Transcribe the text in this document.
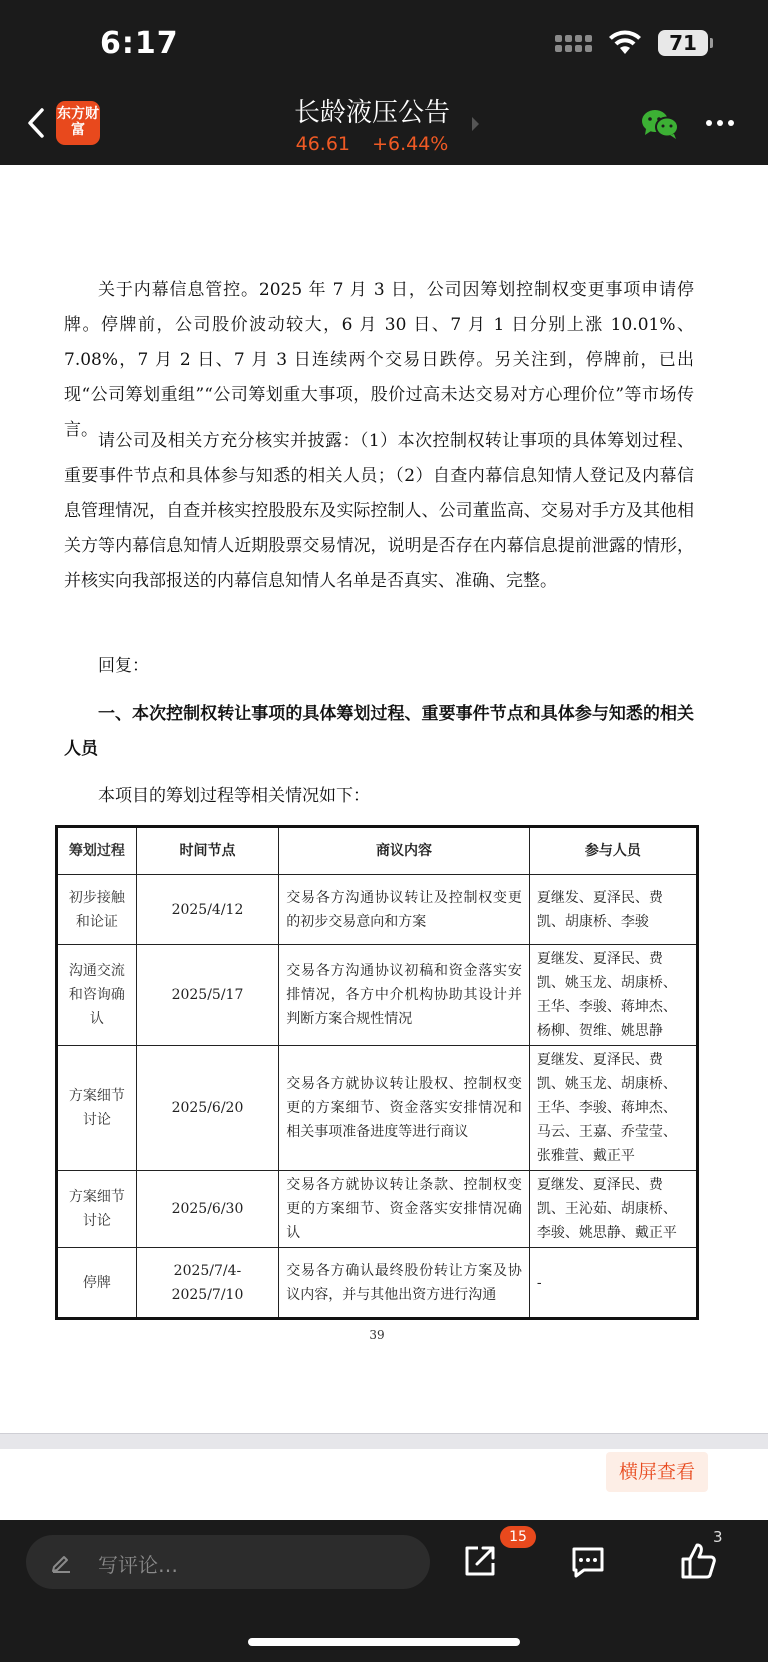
6:17	71
东方财富
长龄液压公告
46.61 +6.44%

关于内幕信息管控。2025 年 7 月 3 日，公司因筹划控制权变更事项申请停牌。停牌前，公司股价波动较大，6 月 30 日、7 月 1 日分别上涨 10.01%、7.08%，7 月 2 日、7 月 3 日连续两个交易日跌停。另关注到，停牌前，已出现“公司筹划重组”“公司筹划重大事项，股价过高未达交易对方心理价位”等市场传言。

请公司及相关方充分核实并披露：（1）本次控制权转让事项的具体筹划过程、重要事件节点和具体参与知悉的相关人员；（2）自查内幕信息知情人登记及内幕信息管理情况，自查并核实控股股东及实际控制人、公司董监高、交易对手方及其他相关方等内幕信息知情人近期股票交易情况，说明是否存在内幕信息提前泄露的情形，并核实向我部报送的内幕信息知情人名单是否真实、准确、完整。

回复：

一、本次控制权转让事项的具体筹划过程、重要事件节点和具体参与知悉的相关人员

本项目的筹划过程等相关情况如下：

筹划过程	时间节点	商议内容	参与人员
初步接触和论证	2025/4/12	交易各方沟通协议转让及控制权变更的初步交易意向和方案	夏继发、夏泽民、费凯、胡康桥、李骏
沟通交流和咨询确认	2025/5/17	交易各方沟通协议初稿和资金落实安排情况，各方中介机构协助其设计并判断方案合规性情况	夏继发、夏泽民、费凯、姚玉龙、胡康桥、王华、李骏、蒋坤杰、杨柳、贺维、姚思静
方案细节讨论	2025/6/20	交易各方就协议转让股权、控制权变更的方案细节、资金落实安排情况和相关事项准备进度等进行商议	夏继发、夏泽民、费凯、姚玉龙、胡康桥、王华、李骏、蒋坤杰、马云、王嘉、乔莹莹、张雅萱、戴正平
方案细节讨论	2025/6/30	交易各方就协议转让条款、控制权变更的方案细节、资金落实安排情况确认	夏继发、夏泽民、费凯、王沁茹、胡康桥、李骏、姚思静、戴正平
停牌	2025/7/4-2025/7/10	交易各方确认最终股份转让方案及协议内容，并与其他出资方进行沟通	-
39
横屏查看
写评论…
15	3
